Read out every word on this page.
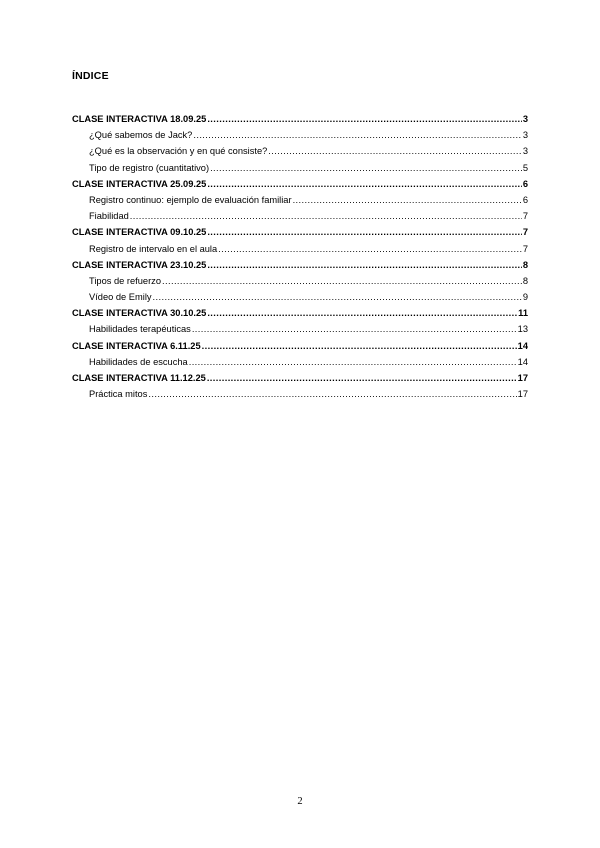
ÍNDICE
CLASE INTERACTIVA 18.09.25 .....	3
¿Qué sabemos de Jack? .....	3
¿Qué es la observación y en qué consiste? .....	3
Tipo de registro (cuantitativo) .....	5
CLASE INTERACTIVA 25.09.25 .....	6
Registro continuo: ejemplo de evaluación familiar .....	6
Fiabilidad .....	7
CLASE INTERACTIVA 09.10.25 .....	7
Registro de intervalo en el aula .....	7
CLASE INTERACTIVA 23.10.25 .....	8
Tipos de refuerzo .....	8
Vídeo de Emily .....	9
CLASE INTERACTIVA 30.10.25 .....	11
Habilidades terapéuticas .....	13
CLASE INTERACTIVA 6.11.25 .....	14
Habilidades de escucha .....	14
CLASE INTERACTIVA 11.12.25 .....	17
Práctica mitos .....	17
2
